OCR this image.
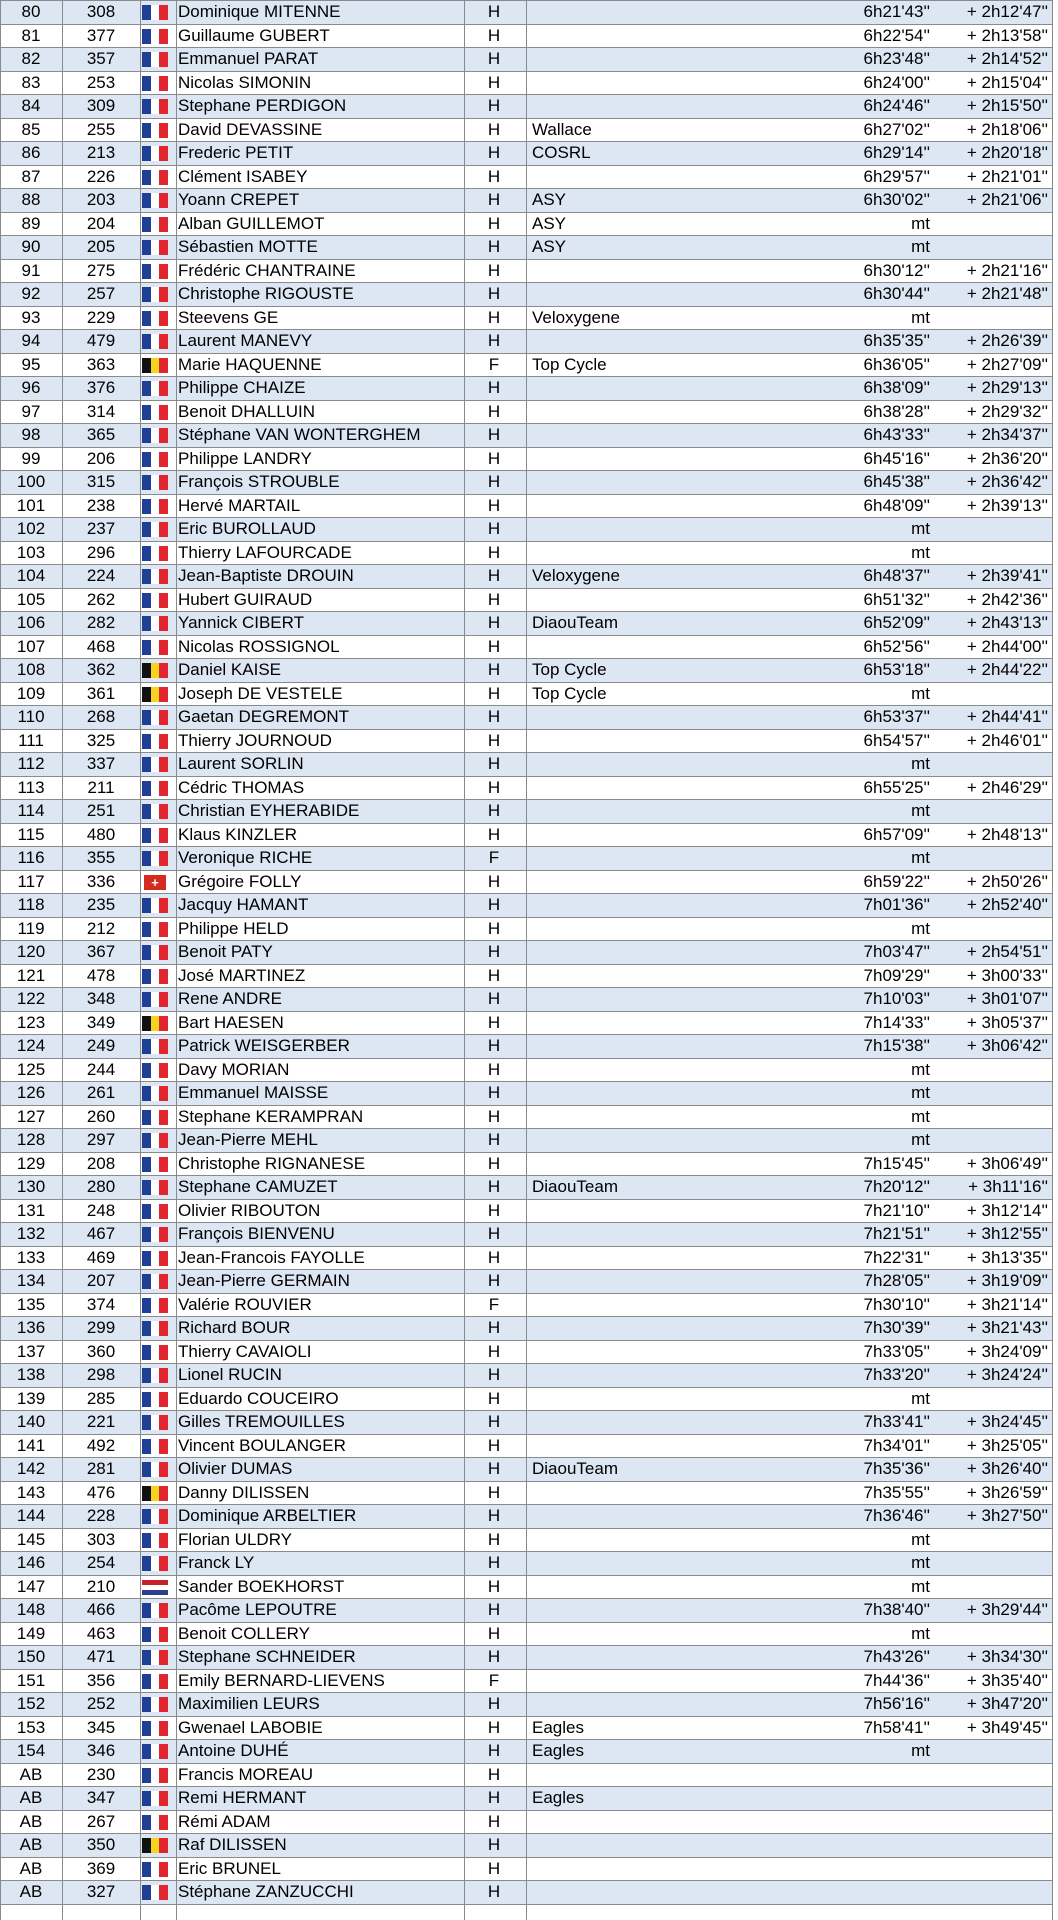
80	308	Dominique MITENNE	H	6h21'43''	+ 2h12'47''
81	377	Guillaume GUBERT	H	6h22'54''	+ 2h13'58''
82	357	Emmanuel PARAT	H	6h23'48''	+ 2h14'52''
83	253	Nicolas SIMONIN	H	6h24'00''	+ 2h15'04''
84	309	Stephane PERDIGON	H	6h24'46''	+ 2h15'50''
85	255	David DEVASSINE	H	Wallace	6h27'02''	+ 2h18'06''
86	213	Frederic PETIT	H	COSRL	6h29'14''	+ 2h20'18''
87	226	Clément ISABEY	H	6h29'57''	+ 2h21'01''
88	203	Yoann CREPET	H	ASY	6h30'02''	+ 2h21'06''
89	204	Alban GUILLEMOT	H	ASY	mt
90	205	Sébastien MOTTE	H	ASY	mt
91	275	Frédéric CHANTRAINE	H	6h30'12''	+ 2h21'16''
92	257	Christophe RIGOUSTE	H	6h30'44''	+ 2h21'48''
93	229	Steevens GE	H	Veloxygene	mt
94	479	Laurent MANEVY	H	6h35'35''	+ 2h26'39''
95	363	Marie HAQUENNE	F	Top Cycle	6h36'05''	+ 2h27'09''
96	376	Philippe CHAIZE	H	6h38'09''	+ 2h29'13''
97	314	Benoit DHALLUIN	H	6h38'28''	+ 2h29'32''
98	365	Stéphane VAN WONTERGHEM	H	6h43'33''	+ 2h34'37''
99	206	Philippe LANDRY	H	6h45'16''	+ 2h36'20''
100	315	François STROUBLE	H	6h45'38''	+ 2h36'42''
101	238	Hervé MARTAIL	H	6h48'09''	+ 2h39'13''
102	237	Eric BUROLLAUD	H	mt
103	296	Thierry LAFOURCADE	H	mt
104	224	Jean-Baptiste DROUIN	H	Veloxygene	6h48'37''	+ 2h39'41''
105	262	Hubert GUIRAUD	H	6h51'32''	+ 2h42'36''
106	282	Yannick CIBERT	H	DiaouTeam	6h52'09''	+ 2h43'13''
107	468	Nicolas ROSSIGNOL	H	6h52'56''	+ 2h44'00''
108	362	Daniel KAISE	H	Top Cycle	6h53'18''	+ 2h44'22''
109	361	Joseph DE VESTELE	H	Top Cycle	mt
110	268	Gaetan DEGREMONT	H	6h53'37''	+ 2h44'41''
111	325	Thierry JOURNOUD	H	6h54'57''	+ 2h46'01''
112	337	Laurent SORLIN	H	mt
113	211	Cédric THOMAS	H	6h55'25''	+ 2h46'29''
114	251	Christian EYHERABIDE	H	mt
115	480	Klaus KINZLER	H	6h57'09''	+ 2h48'13''
116	355	Veronique RICHE	F	mt
117	336	+ Grégoire FOLLY	H	6h59'22''	+ 2h50'26''
118	235	Jacquy HAMANT	H	7h01'36''	+ 2h52'40''
119	212	Philippe HELD	H	mt
120	367	Benoit PATY	H	7h03'47''	+ 2h54'51''
121	478	José MARTINEZ	H	7h09'29''	+ 3h00'33''
122	348	Rene ANDRE	H	7h10'03''	+ 3h01'07''
123	349	Bart HAESEN	H	7h14'33''	+ 3h05'37''
124	249	Patrick WEISGERBER	H	7h15'38''	+ 3h06'42''
125	244	Davy MORIAN	H	mt
126	261	Emmanuel MAISSE	H	mt
127	260	Stephane KERAMPRAN	H	mt
128	297	Jean-Pierre MEHL	H	mt
129	208	Christophe RIGNANESE	H	7h15'45''	+ 3h06'49''
130	280	Stephane CAMUZET	H	DiaouTeam	7h20'12''	+ 3h11'16''
131	248	Olivier RIBOUTON	H	7h21'10''	+ 3h12'14''
132	467	François BIENVENU	H	7h21'51''	+ 3h12'55''
133	469	Jean-Francois FAYOLLE	H	7h22'31''	+ 3h13'35''
134	207	Jean-Pierre GERMAIN	H	7h28'05''	+ 3h19'09''
135	374	Valérie ROUVIER	F	7h30'10''	+ 3h21'14''
136	299	Richard BOUR	H	7h30'39''	+ 3h21'43''
137	360	Thierry CAVAIOLI	H	7h33'05''	+ 3h24'09''
138	298	Lionel RUCIN	H	7h33'20''	+ 3h24'24''
139	285	Eduardo COUCEIRO	H	mt
140	221	Gilles TREMOUILLES	H	7h33'41''	+ 3h24'45''
141	492	Vincent BOULANGER	H	7h34'01''	+ 3h25'05''
142	281	Olivier DUMAS	H	DiaouTeam	7h35'36''	+ 3h26'40''
143	476	Danny DILISSEN	H	7h35'55''	+ 3h26'59''
144	228	Dominique ARBELTIER	H	7h36'46''	+ 3h27'50''
145	303	Florian ULDRY	H	mt
146	254	Franck LY	H	mt
147	210	Sander BOEKHORST	H	mt
148	466	Pacôme LEPOUTRE	H	7h38'40''	+ 3h29'44''
149	463	Benoit COLLERY	H	mt
150	471	Stephane SCHNEIDER	H	7h43'26''	+ 3h34'30''
151	356	Emily BERNARD-LIEVENS	F	7h44'36''	+ 3h35'40''
152	252	Maximilien LEURS	H	7h56'16''	+ 3h47'20''
153	345	Gwenael LABOBIE	H	Eagles	7h58'41''	+ 3h49'45''
154	346	Antoine DUHÉ	H	Eagles	mt
AB	230	Francis MOREAU	H
AB	347	Remi HERMANT	H	Eagles
AB	267	Rémi ADAM	H
AB	350	Raf DILISSEN	H
AB	369	Eric BRUNEL	H
AB	327	Stéphane ZANZUCCHI	H
